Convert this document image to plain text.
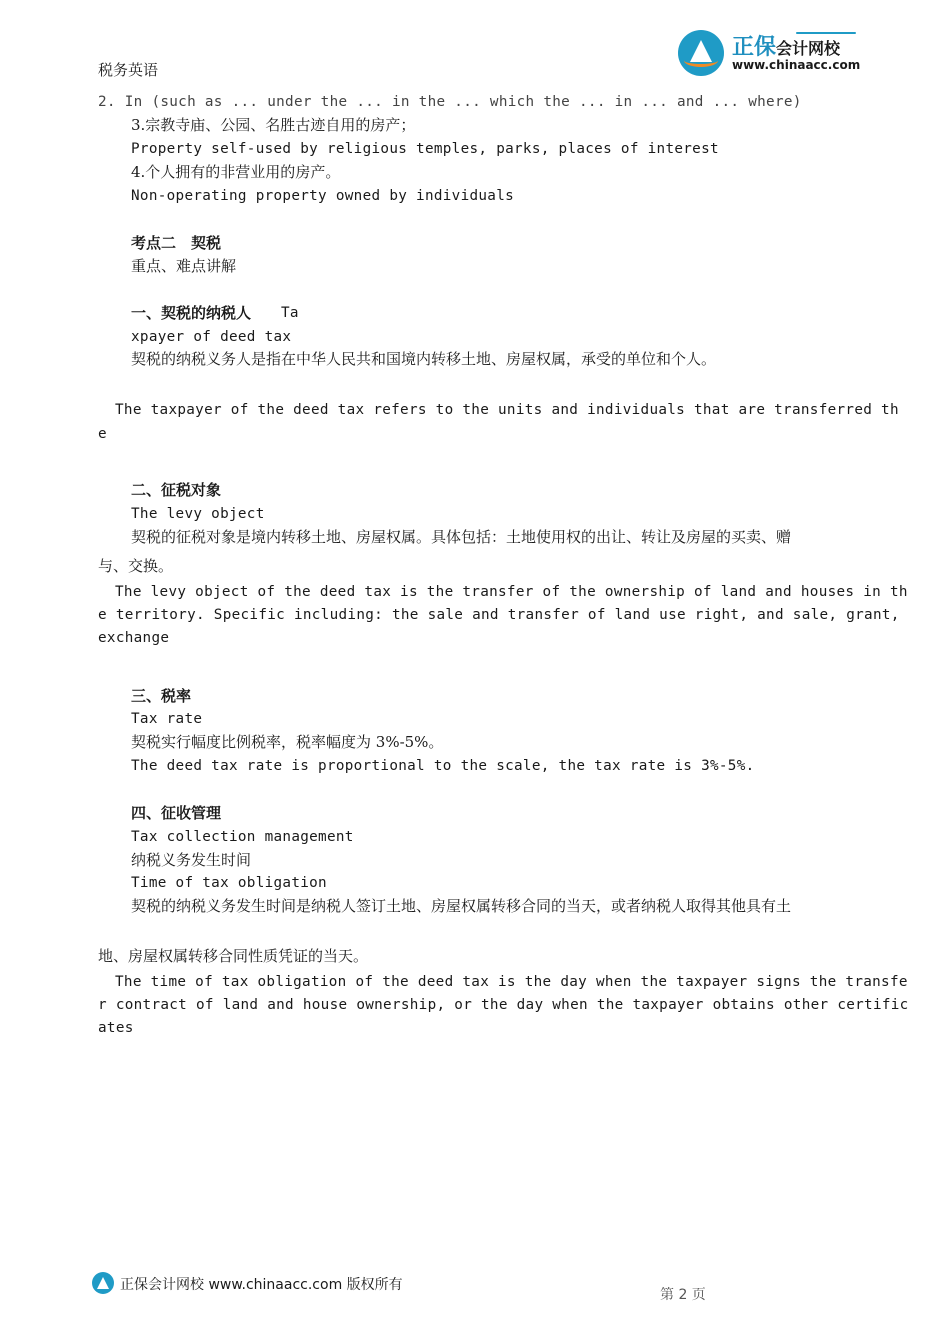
正保会计网校
www.chinaacc.com
税务英语
2. In (such as ... under the ... in the ... which the ... in ... and ... where)
3.宗教寺庙、公园、名胜古迹自用的房产；
Property self-used by religious temples, parks, places of interest
4.个人拥有的非营业用的房产。
Non-operating property owned by individuals
考点二　契税
重点、难点讲解
一、契税的纳税人 Ta
xpayer of deed tax
契税的纳税义务人是指在中华人民共和国境内转移土地、房屋权属，承受的单位和个人。
The taxpayer of the deed tax refers to the units and individuals that are transferred th
e
二、征税对象
The levy object
契税的征税对象是境内转移土地、房屋权属。具体包括：土地使用权的出让、转让及房屋的买卖、赠
与、交换。
The levy object of the deed tax is the transfer of the ownership of land and houses in th
e territory. Specific including: the sale and transfer of land use right, and sale, grant,
exchange
三、税率
Tax rate
契税实行幅度比例税率，税率幅度为 3%-5%。
The deed tax rate is proportional to the scale, the tax rate is 3%-5%.
四、征收管理
Tax collection management
纳税义务发生时间
Time of tax obligation
契税的纳税义务发生时间是纳税人签订土地、房屋权属转移合同的当天，或者纳税人取得其他具有土
地、房屋权属转移合同性质凭证的当天。
The time of tax obligation of the deed tax is the day when the taxpayer signs the transfe
r contract of land and house ownership, or the day when the taxpayer obtains other certific
ates
正保会计网校 www.chinaacc.com 版权所有
第 2 页
